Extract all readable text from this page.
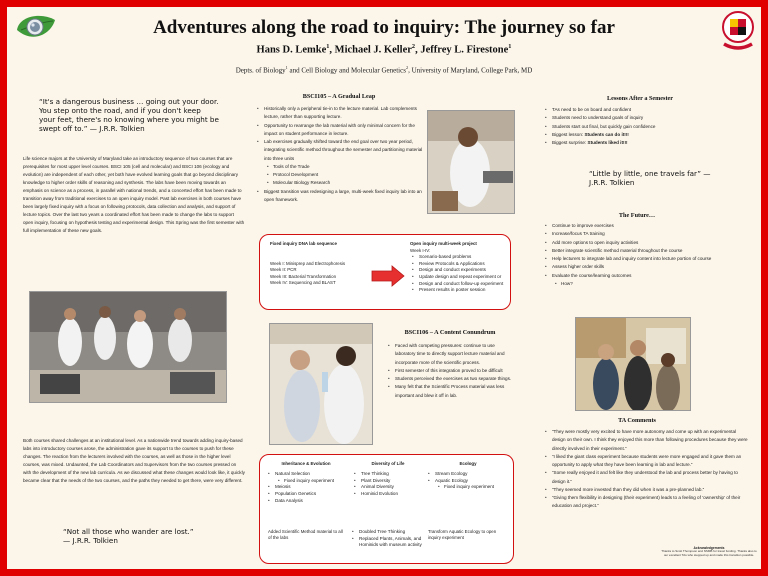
Adventures along the road to inquiry: The journey so far
Hans D. Lemke$^1$, Michael J. Keller$^2$, Jeffrey L. Firestone$^1$
Depts. of Biology$^1$ and Cell Biology and Molecular Genetics$^2$, University of Maryland, College Park, MD
“It's a dangerous business … going out your door. You step onto the road, and if you don't keep your feet, there's no knowing where you might be swept off to.” — J.R.R. Tolkien
Life science majors at the University of Maryland take an introductory sequence of two courses that are prerequisites for most upper level courses. BSCI 105 (cell and molecular) and BSCI 106 (ecology and evolution) are independent of each other, yet both have evolved learning goals that go beyond disciplinary knowledge to higher order skills of reasoning and synthesis. The labs have been moving towards an emphasis on science as a process, in parallel with national trends, and a concerted effort has been made to transition away from traditional exercises to an open inquiry model. Past lab exercises in both courses have been largely fixed inquiry with a focus on following protocols, data collection and analysis, and support of lecture topics. Over the last two years a coordinated effort has been made to change the labs to support open inquiry, focusing on hypothesis testing and experimental design. This Spring was the first semester with full implementation of these new goals.
Both courses shared challenges at an institutional level. As a nationwide trend towards adding inquiry-based labs into introductory courses arose, the administration gave its support to the courses to push for these changes. The reaction from the lecturers involved with the courses, as well as those in the higher level courses, was mixed. Undaunted, the Lab Coordinators and Supervisors from the two courses pressed on with the development of the new lab curricula. As we discussed what these changes would look like, it quickly became clear that the needs of the two courses, and the paths they needed to get there, were very different.
“Not all those who wander are lost.” — J.R.R. Tolkien
BSCI105 – A Gradual Leap
• Historically only a peripheral tie-in to the lecture material. Lab complements lecture, rather than supporting lecture.
• Opportunity to rearrange the lab material with only minimal concern for the impact on student performance in lecture.
• Lab exercises gradually shifted toward the end goal over two year period, integrating scientific method throughout the semester and partitioning material into three units
• Tools of the Trade
• Protocol Development
• Molecular Biology Research
• Biggest transition was redesigning a large, multi-week fixed inquiry lab into an open framework.
Fixed inquiry DNA lab sequence
Week I: Minisprep and Electrophoresis
Week II: PCR
Week III: Bacterial Transformation
Week IV: Sequencing and BLAST
Open inquiry multi-week project
Week I-IV:
• Scenario-based problems
• Review Protocols & Applications
• Design and conduct experiments
• Update design and repeat experiment or
• Design and conduct follow-up experiment
• Present results in poster session
BSCI106 – A Content Conundrum
• Faced with competing pressures: continue to use laboratory time to directly support lecture material and incorporate more of the scientific process.
• First semester of this integration proved to be difficult
• Students perceived the exercises as two separate things.
• Many felt that the Scientific Process material was less important and blew it off in lab.
Inheritance & Evolution
• Natural Selection
• Fixed inquiry experiment
• Meiosis
• Population Genetics
• Data Analysis
Diversity of Life
• Tree Thinking
• Plant Diversity
• Animal Diversity
• Hominid Evolution
Ecology
• Stream Ecology
• Aquatic Ecology
• Fixed inquiry experiment
Added Scientific Method material to all of the labs
• Doubled Tree Thinking
• Replaced Plants, Animals, and Hominids with museum activity
Transform Aquatic Ecology to open inquiry experiment
Lessons After a Semester
• TAs need to be on board and confident
• Students need to understand goals of inquiry
• Students start out final, but quickly gain confidence
• Biggest lesson: Students can do it!!!
• Biggest surprise: Students liked it!!!
“Little by little, one travels far” — J.R.R. Tolkien
The Future…
• Continue to improve exercises
• Increase/focus TA training
• Add more options to open inquiry activities
• Better integrate scientific method material throughout the course
• Help lecturers to integrate lab and inquiry content into lecture portion of course
• Assess higher order skills
• Evaluate the course/learning outcomes
• How?
TA Comments
• “They were mostly very excited to have more autonomy and come up with an experimental design on their own. I think they enjoyed this more than following procedures because they were directly involved in their experiment.”
• “I liked the giant class experiment because students were more engaged and it gave them an opportunity to apply what they have been learning in lab and lecture.”
• “Some really enjoyed it and felt like they understood the lab and process better by having to design it.”
• “They seemed more invested than they did when it was a pre-planned lab.”
• “Giving them flexibility in designing (their experiment) leads to a feeling of ‘ownership’ of their education and project.”
Acknowledgements
Thanks to Scott Thompson and NSMB for travel funding. Thanks also to our excellent TAs who stepped up and made this transition possible.
